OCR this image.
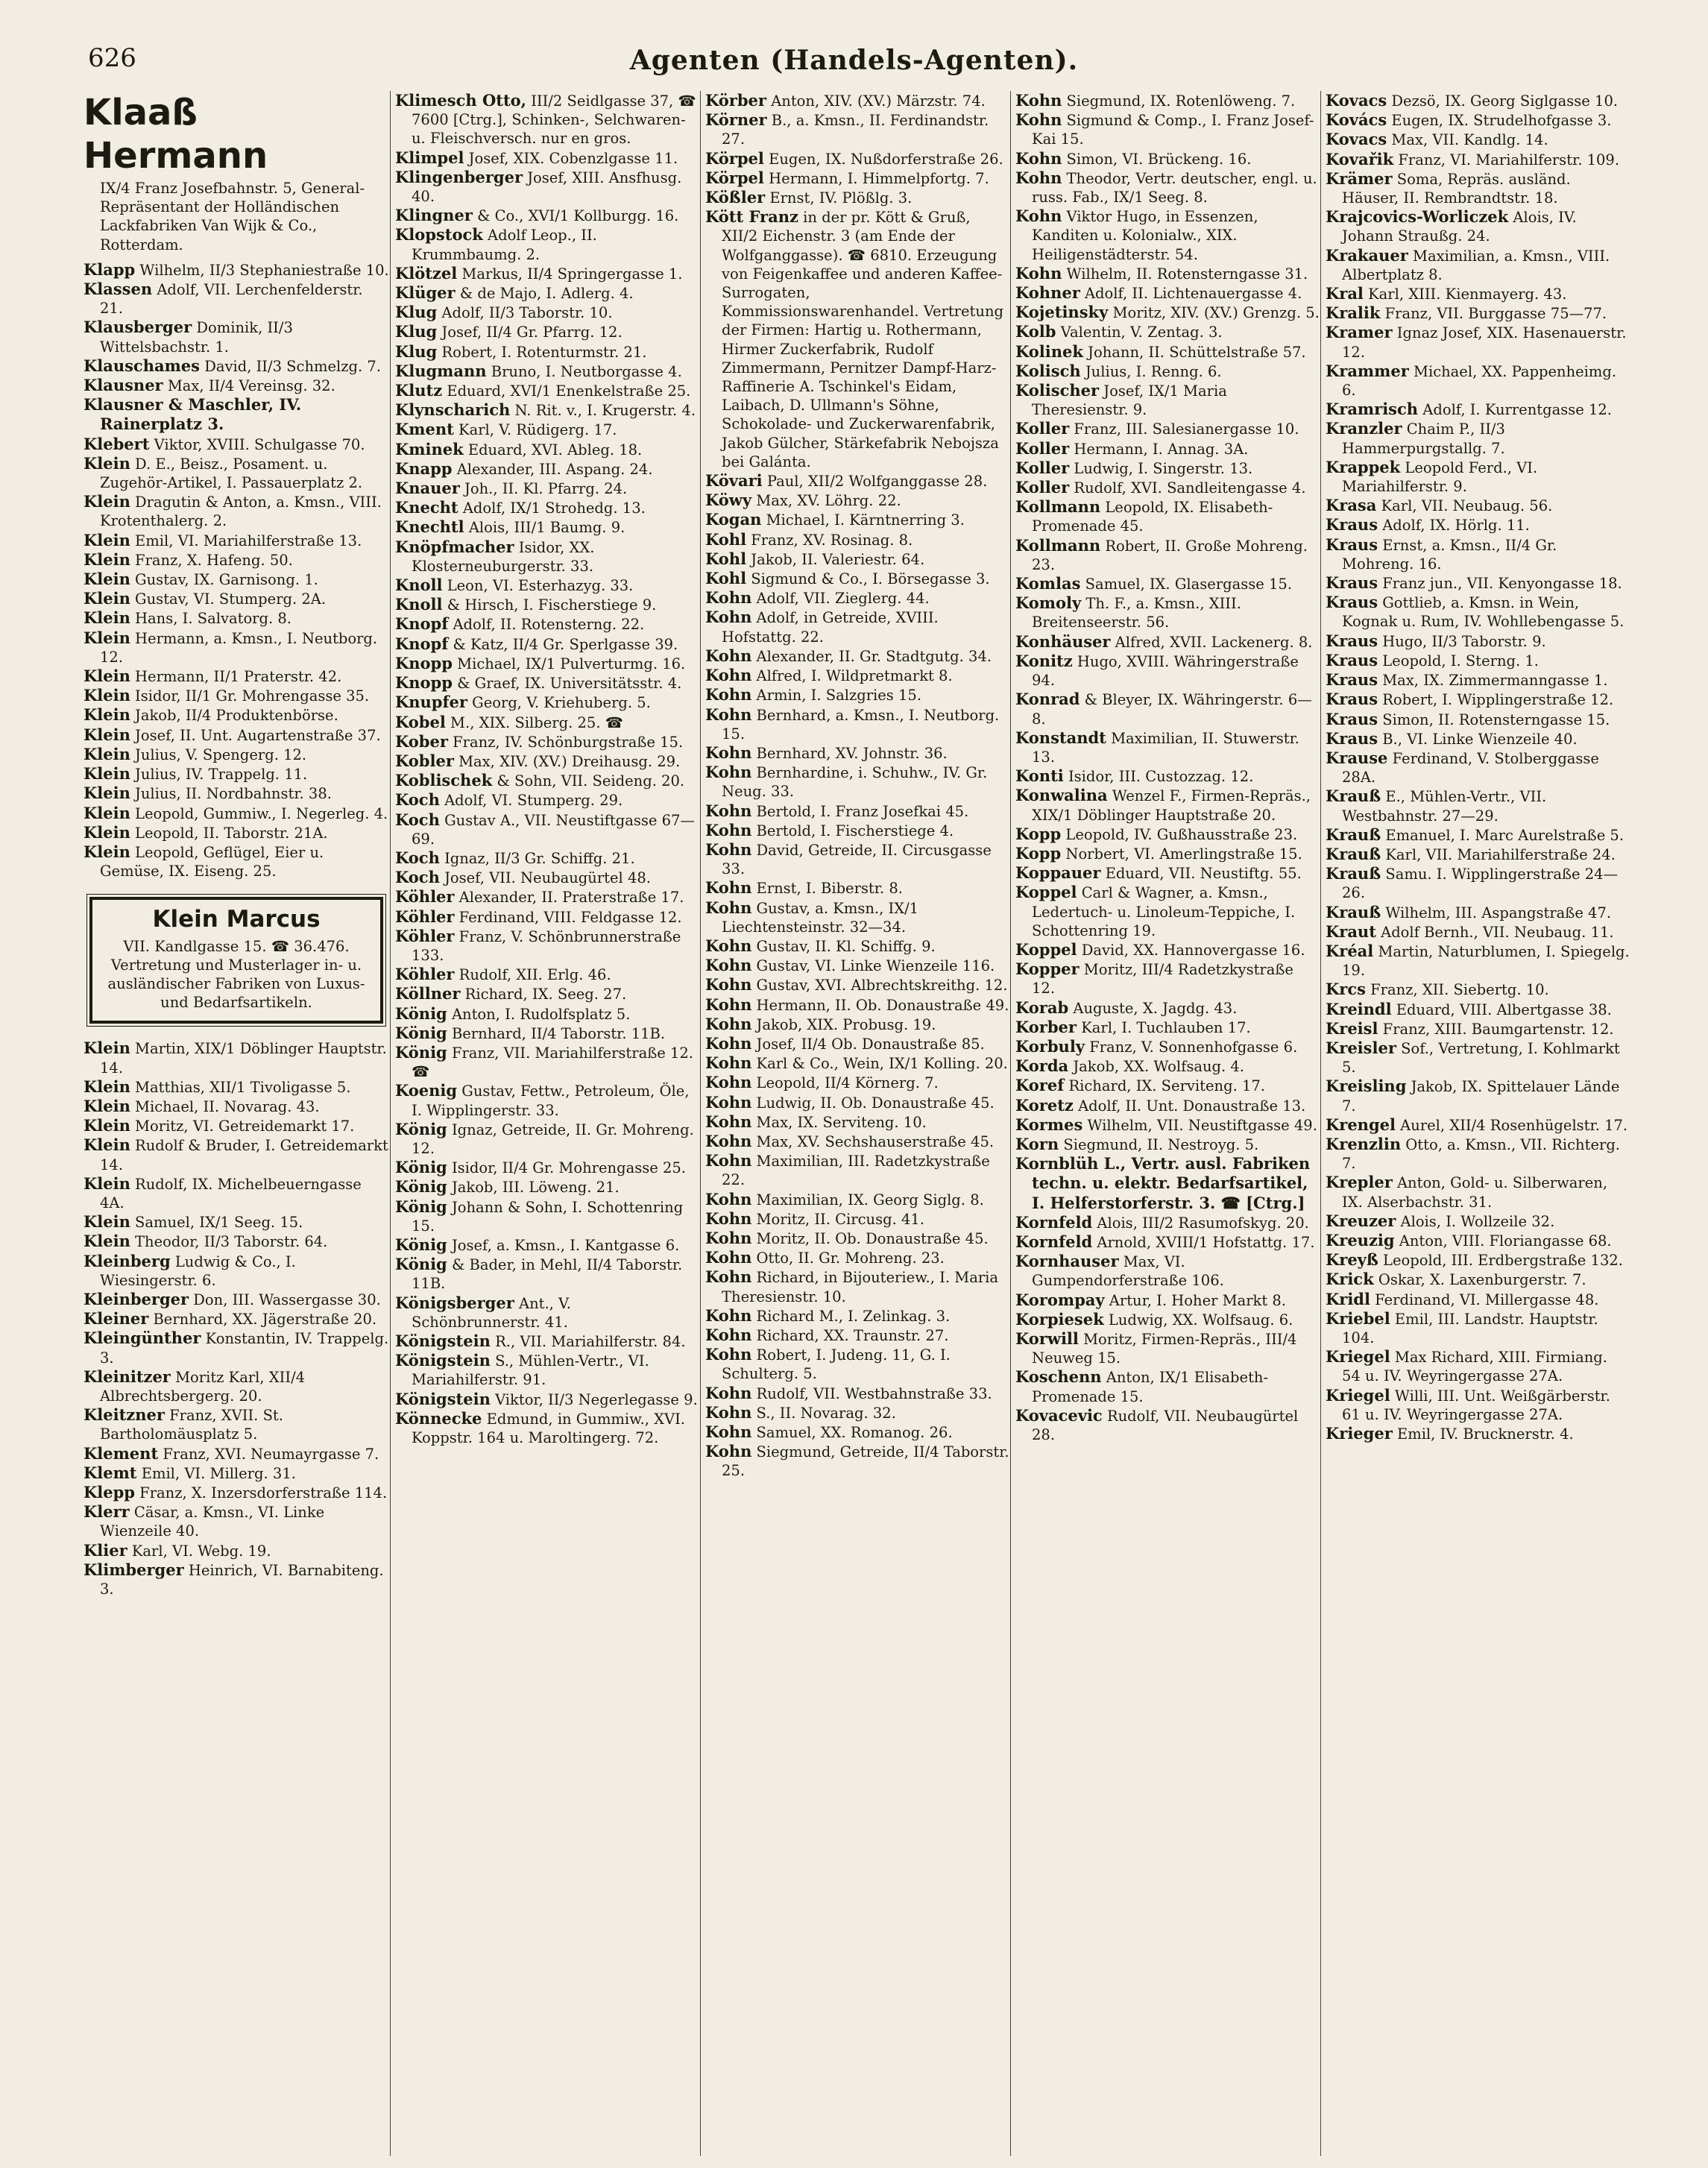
626	Agenten (Handels-Agenten).
Klaaß Hermann
IX/4 Franz Josefbahnstr. 5, General-Repräsentant der Holländischen Lackfabriken Van Wijk & Co., Rotterdam.

Klapp Wilhelm, II/3 Stephaniestraße 10.

Klassen Adolf, VII. Lerchenfelderstr. 21.

Klausberger Dominik, II/3 Wittelsbachstr. 1.

Klauschames David, II/3 Schmelzg. 7.

Klausner Max, II/4 Vereinsg. 32.

Klausner & Maschler, IV. Rainerplatz 3.

Klebert Viktor, XVIII. Schulgasse 70.

Klein D. E., Beisz., Posament. u. Zugehör-Artikel, I. Passauerplatz 2.

Klein Dragutin & Anton, a. Kmsn., VIII. Krotenthalerg. 2.

Klein Emil, VI. Mariahilferstraße 13.

Klein Franz, X. Hafeng. 50.

Klein Gustav, IX. Garnisong. 1.

Klein Gustav, VI. Stumperg. 2A.

Klein Hans, I. Salvatorg. 8.

Klein Hermann, a. Kmsn., I. Neutborg. 12.

Klein Hermann, II/1 Praterstr. 42.

Klein Isidor, II/1 Gr. Mohrengasse 35.

Klein Jakob, II/4 Produktenbörse.

Klein Josef, II. Unt. Augartenstraße 37.

Klein Julius, V. Spengerg. 12.

Klein Julius, IV. Trappelg. 11.

Klein Julius, II. Nordbahnstr. 38.

Klein Leopold, Gummiw., I. Negerleg. 4.

Klein Leopold, II. Taborstr. 21A.

Klein Leopold, Geflügel, Eier u. Gemüse, IX. Eiseng. 25.

Klein Marcus
VII. Kandlgasse 15. ☎ 36.476. Vertretung und Musterlager in- u. ausländischer Fabriken von Luxus- und Bedarfsartikeln.

Klein Martin, XIX/1 Döblinger Hauptstr. 14.

Klein Matthias, XII/1 Tivoligasse 5.

Klein Michael, II. Novarag. 43.

Klein Moritz, VI. Getreidemarkt 17.

Klein Rudolf & Bruder, I. Getreidemarkt 14.

Klein Rudolf, IX. Michelbeuerngasse 4A.

Klein Samuel, IX/1 Seeg. 15.

Klein Theodor, II/3 Taborstr. 64.

Kleinberg Ludwig & Co., I. Wiesingerstr. 6.

Kleinberger Don, III. Wassergasse 30.

Kleiner Bernhard, XX. Jägerstraße 20.

Kleingünther Konstantin, IV. Trappelg. 3.

Kleinitzer Moritz Karl, XII/4 Albrechtsbergerg. 20.

Kleitzner Franz, XVII. St. Bartholomäusplatz 5.

Klement Franz, XVI. Neumayrgasse 7.

Klemt Emil, VI. Millerg. 31.

Klepp Franz, X. Inzersdorferstraße 114.

Klerr Cäsar, a. Kmsn., VI. Linke Wienzeile 40.

Klier Karl, VI. Webg. 19.

Klimberger Heinrich, VI. Barnabiteng. 3.

Klimesch Otto, III/2 Seidlgasse 37, ☎ 7600 [Ctrg.], Schinken-, Selchwaren- u. Fleischversch. nur en gros.

Klimpel Josef, XIX. Cobenzlgasse 11.

Klingenberger Josef, XIII. Ansfhusg. 40.

Klingner & Co., XVI/1 Kollburgg. 16.

Klopstock Adolf Leop., II. Krummbaumg. 2.

Klötzel Markus, II/4 Springergasse 1.

Klüger & de Majo, I. Adlerg. 4.

Klug Adolf, II/3 Taborstr. 10.

Klug Josef, II/4 Gr. Pfarrg. 12.

Klug Robert, I. Rotenturmstr. 21.

Klugmann Bruno, I. Neutborgasse 4.

Klutz Eduard, XVI/1 Enenkelstraße 25.

Klynscharich N. Rit. v., I. Krugerstr. 4.

Kment Karl, V. Rüdigerg. 17.

Kminek Eduard, XVI. Ableg. 18.

Knapp Alexander, III. Aspang. 24.

Knauer Joh., II. Kl. Pfarrg. 24.

Knecht Adolf, IX/1 Strohedg. 13.

Knechtl Alois, III/1 Baumg. 9.

Knöpfmacher Isidor, XX. Klosterneuburgerstr. 33.

Knoll Leon, VI. Esterhazyg. 33.

Knoll & Hirsch, I. Fischerstiege 9.

Knopf Adolf, II. Rotensterng. 22.

Knopf & Katz, II/4 Gr. Sperlgasse 39.

Knopp Michael, IX/1 Pulverturmg. 16.

Knopp & Graef, IX. Universitätsstr. 4.

Knupfer Georg, V. Kriehuberg. 5.

Kobel M., XIX. Silberg. 25. ☎

Kober Franz, IV. Schönburgstraße 15.

Kobler Max, XIV. (XV.) Dreihausg. 29.

Koblischek & Sohn, VII. Seideng. 20.

Koch Adolf, VI. Stumperg. 29.

Koch Gustav A., VII. Neustiftgasse 67—69.

Koch Ignaz, II/3 Gr. Schiffg. 21.

Koch Josef, VII. Neubaugürtel 48.

Köhler Alexander, II. Praterstraße 17.

Köhler Ferdinand, VIII. Feldgasse 12.

Köhler Franz, V. Schönbrunnerstraße 133.

Köhler Rudolf, XII. Erlg. 46.

Köllner Richard, IX. Seeg. 27.

König Anton, I. Rudolfsplatz 5.

König Bernhard, II/4 Taborstr. 11B.

König Franz, VII. Mariahilferstraße 12. ☎

Koenig Gustav, Fettw., Petroleum, Öle, I. Wipplingerstr. 33.

König Ignaz, Getreide, II. Gr. Mohreng. 12.

König Isidor, II/4 Gr. Mohrengasse 25.

König Jakob, III. Löweng. 21.

König Johann & Sohn, I. Schottenring 15.

König Josef, a. Kmsn., I. Kantgasse 6.

König & Bader, in Mehl, II/4 Taborstr. 11B.

Königsberger Ant., V. Schönbrunnerstr. 41.

Königstein R., VII. Mariahilferstr. 84.

Königstein S., Mühlen-Vertr., VI. Mariahilferstr. 91.

Königstein Viktor, II/3 Negerlegasse 9.

Könnecke Edmund, in Gummiw., XVI. Koppstr. 164 u. Maroltingerg. 72.

Körber Anton, XIV. (XV.) Märzstr. 74.

Körner B., a. Kmsn., II. Ferdinandstr. 27.

Körpel Eugen, IX. Nußdorferstraße 26.

Körpel Hermann, I. Himmelpfortg. 7.

Kößler Ernst, IV. Plößlg. 3.

Kött Franz in der pr. Kött & Gruß, XII/2 Eichenstr. 3 (am Ende der Wolfganggasse). ☎ 6810. Erzeugung von Feigenkaffee und anderen Kaffee-Surrogaten, Kommissionswarenhandel. Vertretung der Firmen: Hartig u. Rothermann, Hirmer Zuckerfabrik, Rudolf Zimmermann, Pernitzer Dampf-Harz-Raffinerie A. Tschinkel's Eidam, Laibach, D. Ullmann's Söhne, Schokolade- und Zuckerwarenfabrik, Jakob Gülcher, Stärkefabrik Nebojsza bei Galánta.

Kövari Paul, XII/2 Wolfganggasse 28.

Köwy Max, XV. Löhrg. 22.

Kogan Michael, I. Kärntnerring 3.

Kohl Franz, XV. Rosinag. 8.

Kohl Jakob, II. Valeriestr. 64.

Kohl Sigmund & Co., I. Börsegasse 3.

Kohn Adolf, VII. Zieglerg. 44.

Kohn Adolf, in Getreide, XVIII. Hofstattg. 22.

Kohn Alexander, II. Gr. Stadtgutg. 34.

Kohn Alfred, I. Wildpretmarkt 8.

Kohn Armin, I. Salzgries 15.

Kohn Bernhard, a. Kmsn., I. Neutborg. 15.

Kohn Bernhard, XV. Johnstr. 36.

Kohn Bernhardine, i. Schuhw., IV. Gr. Neug. 33.

Kohn Bertold, I. Franz Josefkai 45.

Kohn Bertold, I. Fischerstiege 4.

Kohn David, Getreide, II. Circusgasse 33.

Kohn Ernst, I. Biberstr. 8.

Kohn Gustav, a. Kmsn., IX/1 Liechtensteinstr. 32—34.

Kohn Gustav, II. Kl. Schiffg. 9.

Kohn Gustav, VI. Linke Wienzeile 116.

Kohn Gustav, XVI. Albrechtskreithg. 12.

Kohn Hermann, II. Ob. Donaustraße 49.

Kohn Jakob, XIX. Probusg. 19.

Kohn Josef, II/4 Ob. Donaustraße 85.

Kohn Karl & Co., Wein, IX/1 Kolling. 20.

Kohn Leopold, II/4 Körnerg. 7.

Kohn Ludwig, II. Ob. Donaustraße 45.

Kohn Max, IX. Serviteng. 10.

Kohn Max, XV. Sechshauserstraße 45.

Kohn Maximilian, III. Radetzkystraße 22.

Kohn Maximilian, IX. Georg Siglg. 8.

Kohn Moritz, II. Circusg. 41.

Kohn Moritz, II. Ob. Donaustraße 45.

Kohn Otto, II. Gr. Mohreng. 23.

Kohn Richard, in Bijouteriew., I. Maria Theresienstr. 10.

Kohn Richard M., I. Zelinkag. 3.

Kohn Richard, XX. Traunstr. 27.

Kohn Robert, I. Judeng. 11, G. I. Schulterg. 5.

Kohn Rudolf, VII. Westbahnstraße 33.

Kohn S., II. Novarag. 32.

Kohn Samuel, XX. Romanog. 26.

Kohn Siegmund, Getreide, II/4 Taborstr. 25.

Kohn Siegmund, IX. Rotenlöweng. 7.

Kohn Sigmund & Comp., I. Franz Josef-Kai 15.

Kohn Simon, VI. Brückeng. 16.

Kohn Theodor, Vertr. deutscher, engl. u. russ. Fab., IX/1 Seeg. 8.

Kohn Viktor Hugo, in Essenzen, Kanditen u. Kolonialw., XIX. Heiligenstädterstr. 54.

Kohn Wilhelm, II. Rotensterngasse 31.

Kohner Adolf, II. Lichtenauergasse 4.

Kojetinsky Moritz, XIV. (XV.) Grenzg. 5.

Kolb Valentin, V. Zentag. 3.

Kolinek Johann, II. Schüttelstraße 57.

Kolisch Julius, I. Renng. 6.

Kolischer Josef, IX/1 Maria Theresienstr. 9.

Koller Franz, III. Salesianergasse 10.

Koller Hermann, I. Annag. 3A.

Koller Ludwig, I. Singerstr. 13.

Koller Rudolf, XVI. Sandleitengasse 4.

Kollmann Leopold, IX. Elisabeth-Promenade 45.

Kollmann Robert, II. Große Mohreng. 23.

Komlas Samuel, IX. Glasergasse 15.

Komoly Th. F., a. Kmsn., XIII. Breitenseerstr. 56.

Konhäuser Alfred, XVII. Lackenerg. 8.

Konitz Hugo, XVIII. Währingerstraße 94.

Konrad & Bleyer, IX. Währingerstr. 6—8.

Konstandt Maximilian, II. Stuwerstr. 13.

Konti Isidor, III. Custozzag. 12.

Konwalina Wenzel F., Firmen-Repräs., XIX/1 Döblinger Hauptstraße 20.

Kopp Leopold, IV. Gußhausstraße 23.

Kopp Norbert, VI. Amerlingstraße 15.

Koppauer Eduard, VII. Neustiftg. 55.

Koppel Carl & Wagner, a. Kmsn., Ledertuch- u. Linoleum-Teppiche, I. Schottenring 19.

Koppel David, XX. Hannovergasse 16.

Kopper Moritz, III/4 Radetzkystraße 12.

Korab Auguste, X. Jagdg. 43.

Korber Karl, I. Tuchlauben 17.

Korbuly Franz, V. Sonnenhofgasse 6.

Korda Jakob, XX. Wolfsaug. 4.

Koref Richard, IX. Serviteng. 17.

Koretz Adolf, II. Unt. Donaustraße 13.

Kormes Wilhelm, VII. Neustiftgasse 49.

Korn Siegmund, II. Nestroyg. 5.

Kornblüh L., Vertr. ausl. Fabriken techn. u. elektr. Bedarfsartikel, I. Helferstorferstr. 3. ☎ [Ctrg.]

Kornfeld Alois, III/2 Rasumofskyg. 20.

Kornfeld Arnold, XVIII/1 Hofstattg. 17.

Kornhauser Max, VI. Gumpendorferstraße 106.

Korompay Artur, I. Hoher Markt 8.

Korpiesek Ludwig, XX. Wolfsaug. 6.

Korwill Moritz, Firmen-Repräs., III/4 Neuweg 15.

Koschenn Anton, IX/1 Elisabeth-Promenade 15.

Kovacevic Rudolf, VII. Neubaugürtel 28.

Kovacs Dezsö, IX. Georg Siglgasse 10.

Kovács Eugen, IX. Strudelhofgasse 3.

Kovacs Max, VII. Kandlg. 14.

Kovařik Franz, VI. Mariahilferstr. 109.

Krämer Soma, Repräs. ausländ. Häuser, II. Rembrandtstr. 18.

Krajcovics-Worliczek Alois, IV. Johann Straußg. 24.

Krakauer Maximilian, a. Kmsn., VIII. Albertplatz 8.

Kral Karl, XIII. Kienmayerg. 43.

Kralik Franz, VII. Burggasse 75—77.

Kramer Ignaz Josef, XIX. Hasenauerstr. 12.

Krammer Michael, XX. Pappenheimg. 6.

Kramrisch Adolf, I. Kurrentgasse 12.

Kranzler Chaim P., II/3 Hammerpurgstallg. 7.

Krappek Leopold Ferd., VI. Mariahilferstr. 9.

Krasa Karl, VII. Neubaug. 56.

Kraus Adolf, IX. Hörlg. 11.

Kraus Ernst, a. Kmsn., II/4 Gr. Mohreng. 16.

Kraus Franz jun., VII. Kenyongasse 18.

Kraus Gottlieb, a. Kmsn. in Wein, Kognak u. Rum, IV. Wohllebengasse 5.

Kraus Hugo, II/3 Taborstr. 9.

Kraus Leopold, I. Sterng. 1.

Kraus Max, IX. Zimmermanngasse 1.

Kraus Robert, I. Wipplingerstraße 12.

Kraus Simon, II. Rotensterngasse 15.

Kraus B., VI. Linke Wienzeile 40.

Krause Ferdinand, V. Stolberggasse 28A.

Krauß E., Mühlen-Vertr., VII. Westbahnstr. 27—29.

Krauß Emanuel, I. Marc Aurelstraße 5.

Krauß Karl, VII. Mariahilferstraße 24.

Krauß Samu. I. Wipplingerstraße 24—26.

Krauß Wilhelm, III. Aspangstraße 47.

Kraut Adolf Bernh., VII. Neubaug. 11.

Kréal Martin, Naturblumen, I. Spiegelg. 19.

Krcs Franz, XII. Siebertg. 10.

Kreindl Eduard, VIII. Albertgasse 38.

Kreisl Franz, XIII. Baumgartenstr. 12.

Kreisler Sof., Vertretung, I. Kohlmarkt 5.

Kreisling Jakob, IX. Spittelauer Lände 7.

Krengel Aurel, XII/4 Rosenhügelstr. 17.

Krenzlin Otto, a. Kmsn., VII. Richterg. 7.

Krepler Anton, Gold- u. Silberwaren, IX. Alserbachstr. 31.

Kreuzer Alois, I. Wollzeile 32.

Kreuzig Anton, VIII. Floriangasse 68.

Kreyß Leopold, III. Erdbergstraße 132.

Krick Oskar, X. Laxenburgerstr. 7.

Kridl Ferdinand, VI. Millergasse 48.

Kriebel Emil, III. Landstr. Hauptstr. 104.

Kriegel Max Richard, XIII. Firmiang. 54 u. IV. Weyringergasse 27A.

Kriegel Willi, III. Unt. Weißgärberstr. 61 u. IV. Weyringergasse 27A.

Krieger Emil, IV. Brucknerstr. 4.
